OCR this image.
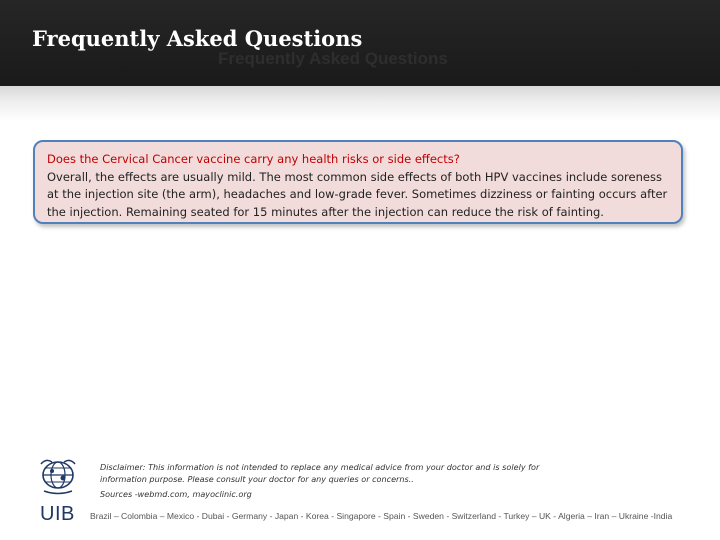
Frequently Asked Questions
Frequently Asked Questions
Does the Cervical Cancer vaccine carry any health risks or side effects?
Overall, the effects are usually mild. The most common side effects of both HPV vaccines include soreness at the injection site (the arm), headaches and low-grade fever. Sometimes dizziness or fainting occurs after the injection. Remaining seated for 15 minutes after the injection can reduce the risk of fainting.
UIB
Disclaimer: This information is not intended to replace any medical advice from your doctor and is solely for information purpose. Please consult your doctor for any queries or concerns..
Sources -webmd.com, mayoclinic.org
Brazil – Colombia – Mexico - Dubai - Germany - Japan - Korea - Singapore - Spain - Sweden - Switzerland - Turkey – UK - Algeria – Iran – Ukraine -India
